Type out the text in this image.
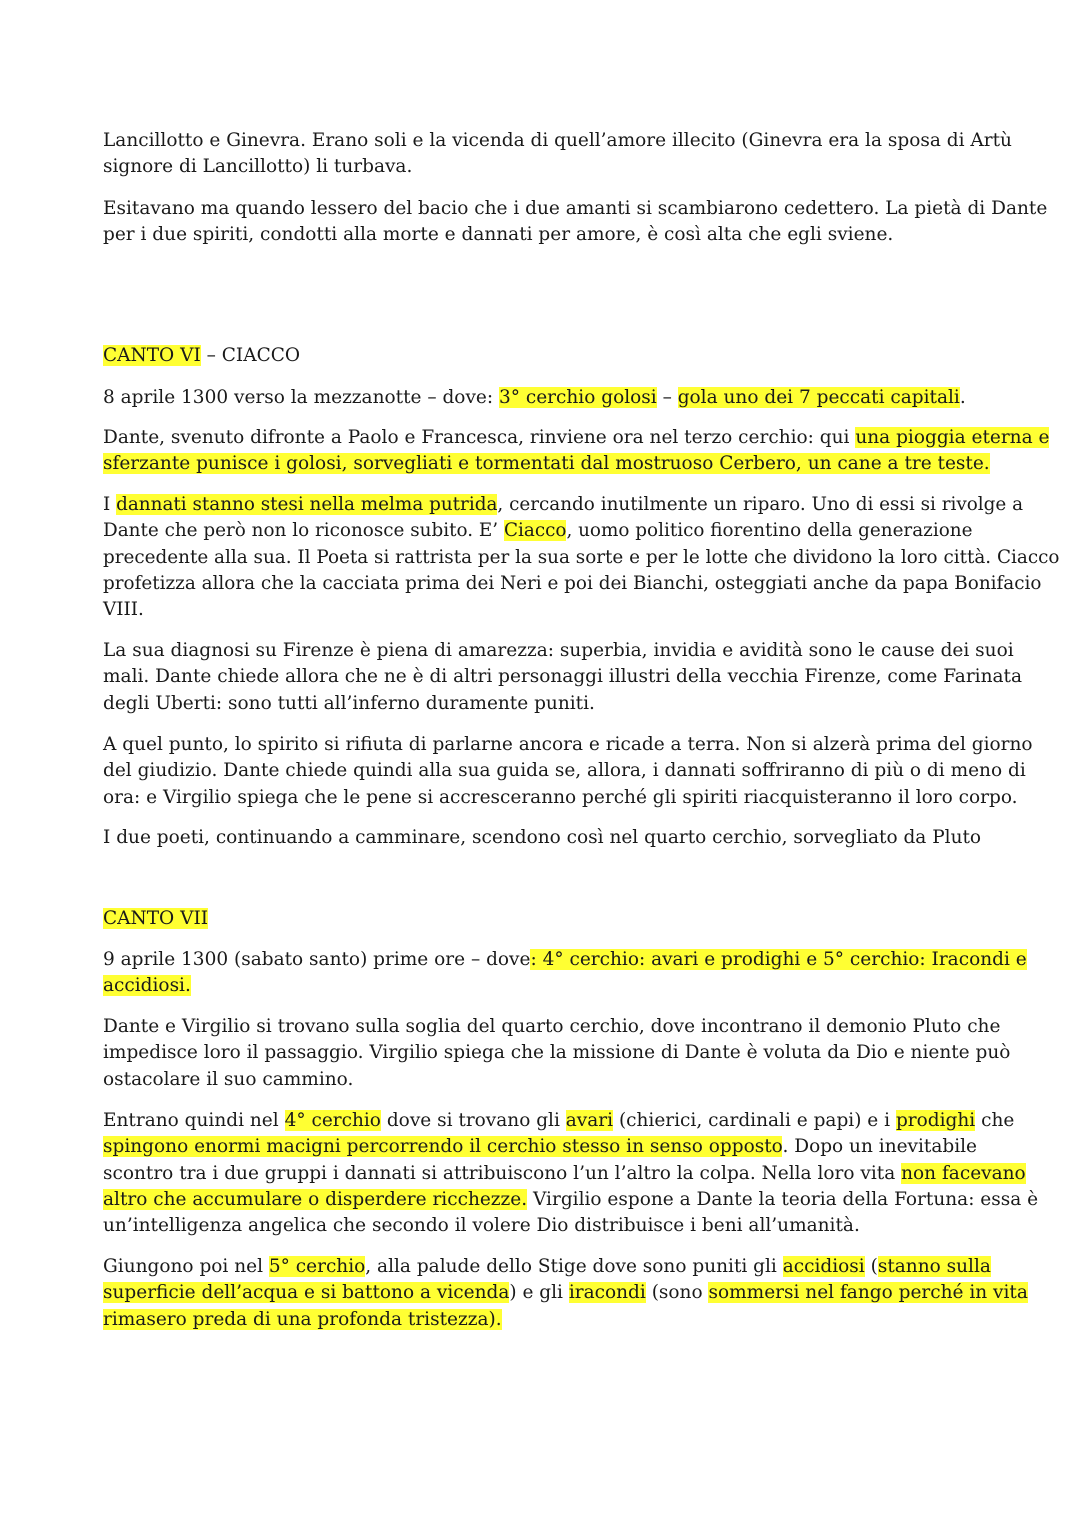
Lancillotto e Ginevra. Erano soli e la vicenda di quell’amore illecito (Ginevra era la sposa di Artù
signore di Lancillotto) li turbava.

Esitavano ma quando lessero del bacio che i due amanti si scambiarono cedettero. La pietà di Dante
per i due spiriti, condotti alla morte e dannati per amore, è così alta che egli sviene.

CANTO VI – CIACCO

8 aprile 1300 verso la mezzanotte – dove: 3° cerchio golosi – gola uno dei 7 peccati capitali.

Dante, svenuto difronte a Paolo e Francesca, rinviene ora nel terzo cerchio: qui una pioggia eterna e
sferzante punisce i golosi, sorvegliati e tormentati dal mostruoso Cerbero, un cane a tre teste.

I dannati stanno stesi nella melma putrida, cercando inutilmente un riparo. Uno di essi si rivolge a
Dante che però non lo riconosce subito. E’ Ciacco, uomo politico fiorentino della generazione
precedente alla sua. Il Poeta si rattrista per la sua sorte e per le lotte che dividono la loro città. Ciacco
profetizza allora che la cacciata prima dei Neri e poi dei Bianchi, osteggiati anche da papa Bonifacio
VIII.

La sua diagnosi su Firenze è piena di amarezza: superbia, invidia e avidità sono le cause dei suoi
mali. Dante chiede allora che ne è di altri personaggi illustri della vecchia Firenze, come Farinata
degli Uberti: sono tutti all’inferno duramente puniti.

A quel punto, lo spirito si rifiuta di parlarne ancora e ricade a terra. Non si alzerà prima del giorno
del giudizio. Dante chiede quindi alla sua guida se, allora, i dannati soffriranno di più o di meno di
ora: e Virgilio spiega che le pene si accresceranno perché gli spiriti riacquisteranno il loro corpo.

I due poeti, continuando a camminare, scendono così nel quarto cerchio, sorvegliato da Pluto

CANTO VII

9 aprile 1300 (sabato santo) prime ore – dove: 4° cerchio: avari e prodighi e 5° cerchio: Iracondi e
accidiosi.

Dante e Virgilio si trovano sulla soglia del quarto cerchio, dove incontrano il demonio Pluto che
impedisce loro il passaggio. Virgilio spiega che la missione di Dante è voluta da Dio e niente può
ostacolare il suo cammino.

Entrano quindi nel 4° cerchio dove si trovano gli avari (chierici, cardinali e papi) e i prodighi che
spingono enormi macigni percorrendo il cerchio stesso in senso opposto. Dopo un inevitabile
scontro tra i due gruppi i dannati si attribuiscono l’un l’altro la colpa. Nella loro vita non facevano
altro che accumulare o disperdere ricchezze. Virgilio espone a Dante la teoria della Fortuna: essa è
un’intelligenza angelica che secondo il volere Dio distribuisce i beni all’umanità.

Giungono poi nel 5° cerchio, alla palude dello Stige dove sono puniti gli accidiosi (stanno sulla
superficie dell’acqua e si battono a vicenda) e gli iracondi (sono sommersi nel fango perché in vita
rimasero preda di una profonda tristezza).
